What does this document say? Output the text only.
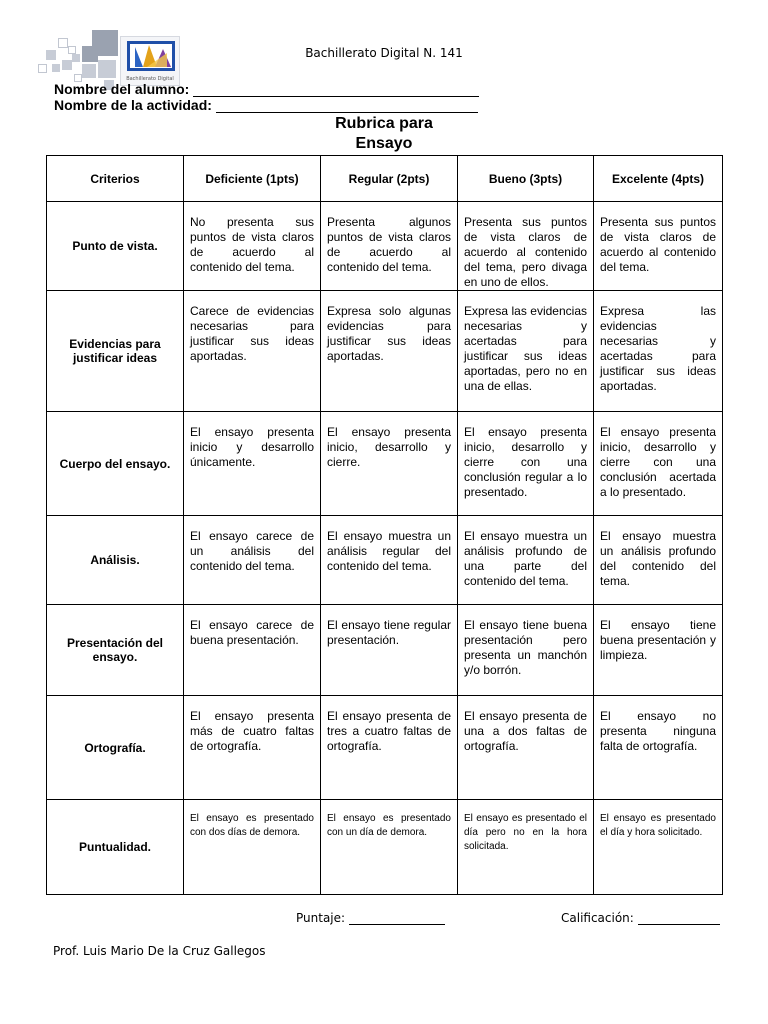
Bachillerato Digital
Bachillerato Digital N. 141
Nombre del alumno:
Nombre de la actividad:
Rubrica para
Ensayo
Criterios	Deficiente (1pts)	Regular (2pts)	Bueno (3pts)	Excelente (4pts)
Punto de vista.	No presenta sus puntos de vista claros de acuerdo al contenido del tema.	Presenta algunos puntos de vista claros de acuerdo al contenido del tema.	Presenta sus puntos de vista claros de acuerdo al contenido del tema, pero divaga en uno de ellos.	Presenta sus puntos de vista claros de acuerdo al contenido del tema.
Evidencias para justificar ideas	Carece de evidencias necesarias para justificar sus ideas aportadas.	Expresa solo algunas evidencias para justificar sus ideas aportadas.	Expresa las evidencias necesarias y acertadas para justificar sus ideas aportadas, pero no en una de ellas.	Expresa las evidencias necesarias y acertadas para justificar sus ideas aportadas.
Cuerpo del ensayo.	El ensayo presenta inicio y desarrollo únicamente.	El ensayo presenta inicio, desarrollo y cierre.	El ensayo presenta inicio, desarrollo y cierre con una conclusión regular a lo presentado.	El ensayo presenta inicio, desarrollo y cierre con una conclusión acertada a lo presentado.
Análisis.	El ensayo carece de un análisis del contenido del tema.	El ensayo muestra un análisis regular del contenido del tema.	El ensayo muestra un análisis profundo de una parte del contenido del tema.	El ensayo muestra un análisis profundo del contenido del tema.
Presentación del ensayo.	El ensayo carece de buena presentación.	El ensayo tiene regular presentación.	El ensayo tiene buena presentación pero presenta un manchón y/o borrón.	El ensayo tiene buena presentación y limpieza.
Ortografía.	El ensayo presenta más de cuatro faltas de ortografía.	El ensayo presenta de tres a cuatro faltas de ortografía.	El ensayo presenta de una a dos faltas de ortografía.	El ensayo no presenta ninguna falta de ortografía.
Puntualidad.	El ensayo es presentado con dos días de demora.	El ensayo es presentado con un día de demora.	El ensayo es presentado el día pero no en la hora solicitada.	El ensayo es presentado el día y hora solicitado.
Puntaje:	Calificación:
Prof. Luis Mario De la Cruz Gallegos
